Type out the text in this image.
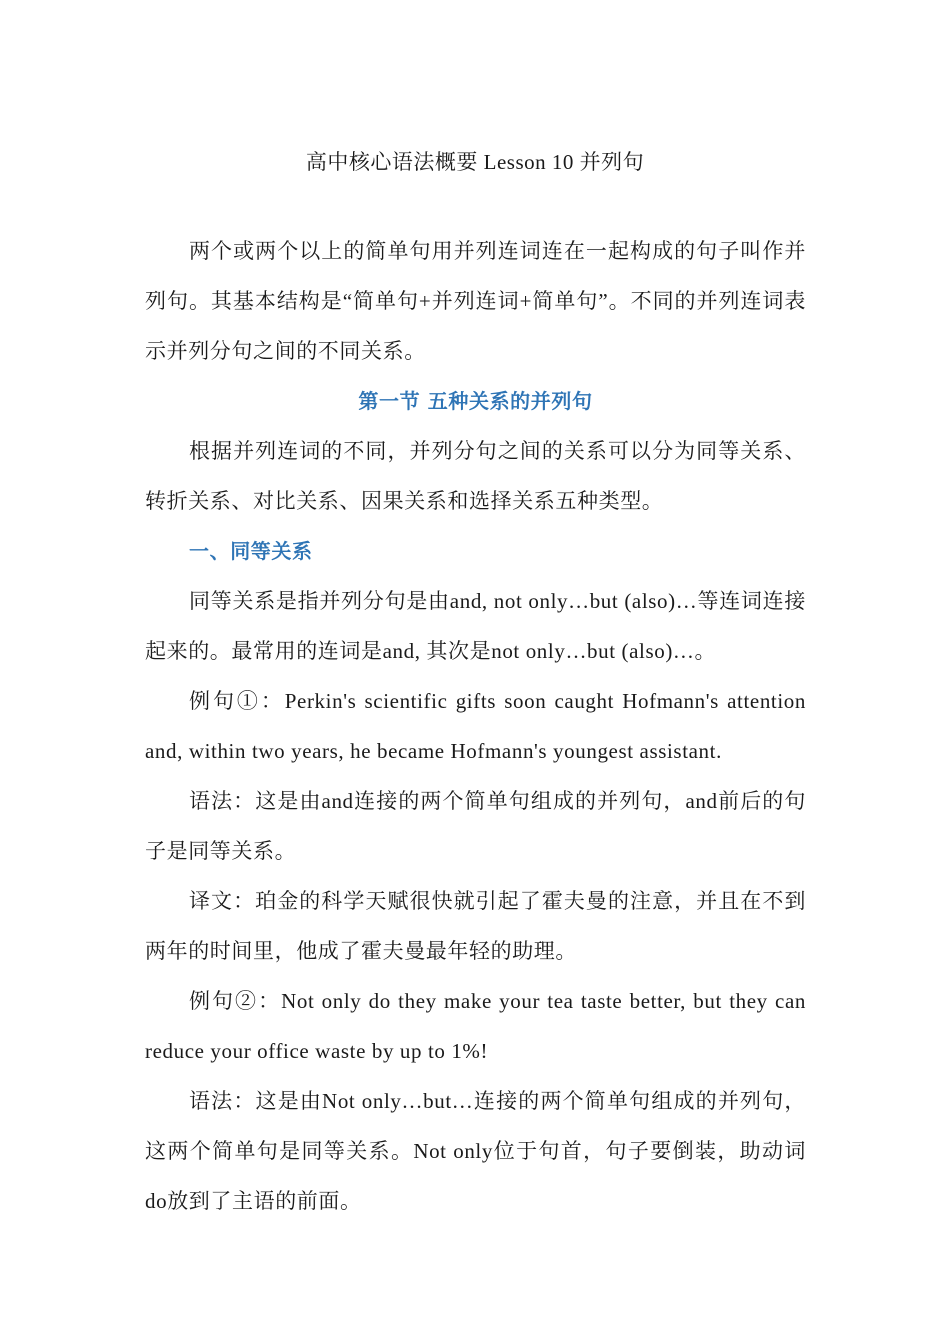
高中核心语法概要 Lesson 10 并列句

两个或两个以上的简单句用并列连词连在一起构成的句子叫作并列句。其基本结构是“简单句+并列连词+简单句”。不同的并列连词表示并列分句之间的不同关系。

第一节 五种关系的并列句

根据并列连词的不同，并列分句之间的关系可以分为同等关系、转折关系、对比关系、因果关系和选择关系五种类型。

一、同等关系

同等关系是指并列分句是由and, not only…but (also)…等连词连接起来的。最常用的连词是and, 其次是not only…but (also)…。

例句①：Perkin's scientific gifts soon caught Hofmann's attention and, within two years, he became Hofmann's youngest assistant.

语法：这是由and连接的两个简单句组成的并列句，and前后的句子是同等关系。

译文：珀金的科学天赋很快就引起了霍夫曼的注意，并且在不到两年的时间里，他成了霍夫曼最年轻的助理。

例句②：Not only do they make your tea taste better, but they can reduce your office waste by up to 1%!

语法：这是由Not only…but…连接的两个简单句组成的并列句，这两个简单句是同等关系。Not only位于句首，句子要倒装，助动词do放到了主语的前面。
